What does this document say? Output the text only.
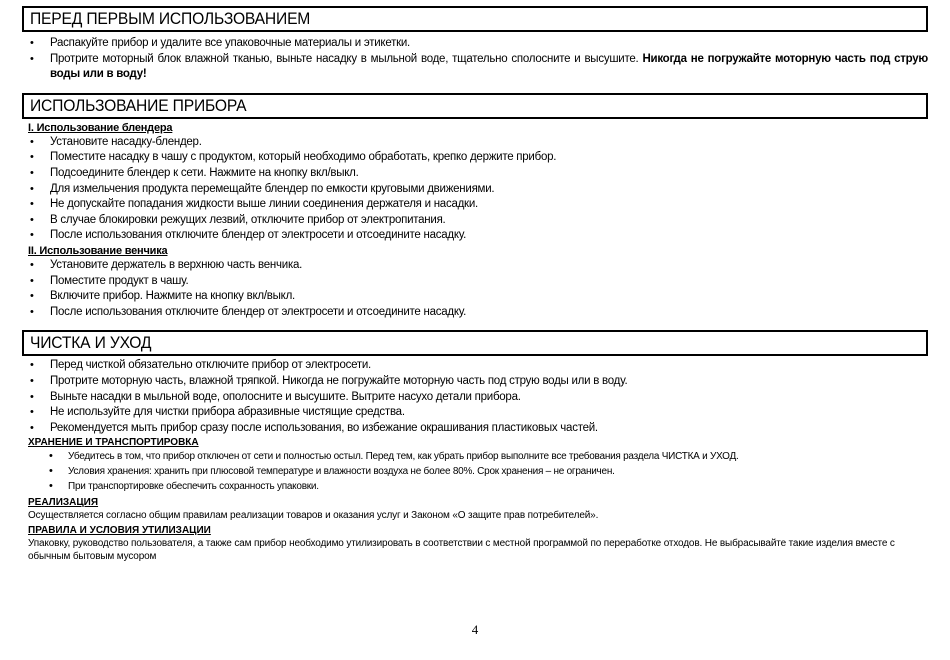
ПЕРЕД ПЕРВЫМ ИСПОЛЬЗОВАНИЕМ
• Распакуйте прибор и удалите все упаковочные материалы и этикетки.
• Протрите моторный блок влажной тканью, выньте насадку в мыльной воде, тщательно сполосните и высушите. Никогда не погружайте моторную часть под струю воды или в воду!
ИСПОЛЬЗОВАНИЕ ПРИБОРА
I. Использование блендера
• Установите насадку-блендер.
• Поместите насадку в чашу с продуктом, который необходимо обработать, крепко держите прибор.
• Подсоедините блендер к сети. Нажмите на кнопку вкл/выкл.
• Для измельчения продукта перемещайте блендер по емкости круговыми движениями.
• Не допускайте попадания жидкости выше линии соединения держателя и насадки.
• В случае блокировки режущих лезвий, отключите прибор от электропитания.
• После использования отключите блендер от электросети и отсоедините насадку.
II. Использование венчика
• Установите держатель в верхнюю часть венчика.
• Поместите продукт в чашу.
• Включите прибор. Нажмите на кнопку вкл/выкл.
• После использования отключите блендер от электросети и отсоедините насадку.
ЧИСТКА И УХОД
• Перед чисткой обязательно отключите прибор от электросети.
• Протрите моторную часть, влажной тряпкой. Никогда не погружайте моторную часть под струю воды или в воду.
• Выньте насадки в мыльной воде, ополосните и высушите. Вытрите насухо детали прибора.
• Не используйте для чистки прибора абразивные чистящие средства.
• Рекомендуется мыть прибор сразу после использования, во избежание окрашивания пластиковых частей.
ХРАНЕНИЕ И ТРАНСПОРТИРОВКА
• Убедитесь в том, что прибор отключен от сети и полностью остыл. Перед тем, как убрать прибор выполните все требования раздела ЧИСТКА и УХОД.
• Условия хранения: хранить при плюсовой температуре и влажности воздуха не более 80%. Срок хранения – не ограничен.
• При транспортировке обеспечить сохранность упаковки.
РЕАЛИЗАЦИЯ
Осуществляется согласно общим правилам реализации товаров и оказания услуг и Законом «О защите прав потребителей».
ПРАВИЛА И УСЛОВИЯ УТИЛИЗАЦИИ
Упаковку, руководство пользователя, а также сам прибор необходимо утилизировать в соответствии с местной программой по переработке отходов. Не выбрасывайте такие изделия вместе с обычным бытовым мусором
4
